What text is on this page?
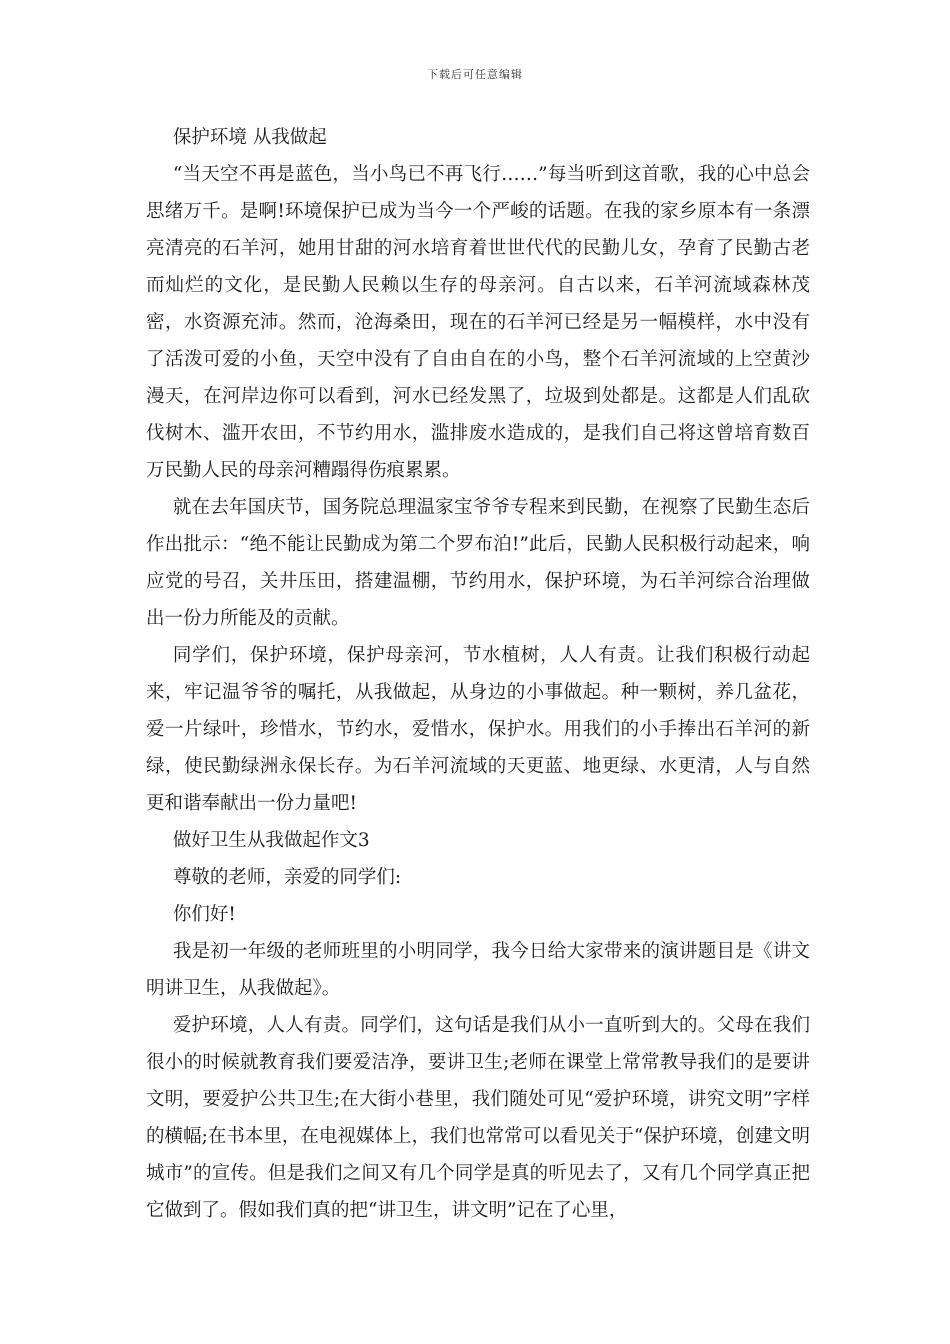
下载后可任意编辑

保护环境 从我做起

“当天空不再是蓝色，当小鸟已不再飞行……”每当听到这首歌，我的心中总会思绪万千。是啊!环境保护已成为当今一个严峻的话题。在我的家乡原本有一条漂亮清亮的石羊河，她用甘甜的河水培育着世世代代的民勤儿女，孕育了民勤古老而灿烂的文化，是民勤人民赖以生存的母亲河。自古以来，石羊河流域森林茂密，水资源充沛。然而，沧海桑田，现在的石羊河已经是另一幅模样，水中没有了活泼可爱的小鱼，天空中没有了自由自在的小鸟，整个石羊河流域的上空黄沙漫天，在河岸边你可以看到，河水已经发黑了，垃圾到处都是。这都是人们乱砍伐树木、滥开农田，不节约用水，滥排废水造成的，是我们自己将这曾培育数百万民勤人民的母亲河糟蹋得伤痕累累。

就在去年国庆节，国务院总理温家宝爷爷专程来到民勤，在视察了民勤生态后作出批示：“绝不能让民勤成为第二个罗布泊!”此后，民勤人民积极行动起来，响应党的号召，关井压田，搭建温棚，节约用水，保护环境，为石羊河综合治理做出一份力所能及的贡献。

同学们，保护环境，保护母亲河，节水植树，人人有责。让我们积极行动起来，牢记温爷爷的嘱托，从我做起，从身边的小事做起。种一颗树，养几盆花，爱一片绿叶，珍惜水，节约水，爱惜水，保护水。用我们的小手捧出石羊河的新绿，使民勤绿洲永保长存。为石羊河流域的天更蓝、地更绿、水更清，人与自然更和谐奉献出一份力量吧!

做好卫生从我做起作文3

尊敬的老师，亲爱的同学们:

你们好!

我是初一年级的老师班里的小明同学，我今日给大家带来的演讲题目是《讲文明讲卫生，从我做起》。

爱护环境，人人有责。同学们，这句话是我们从小一直听到大的。父母在我们很小的时候就教育我们要爱洁净，要讲卫生;老师在课堂上常常教导我们的是要讲文明，要爱护公共卫生;在大街小巷里，我们随处可见“爱护环境，讲究文明”字样的横幅;在书本里，在电视媒体上，我们也常常可以看见关于“保护环境，创建文明城市”的宣传。但是我们之间又有几个同学是真的听见去了，又有几个同学真正把它做到了。假如我们真的把“讲卫生，讲文明”记在了心里，
